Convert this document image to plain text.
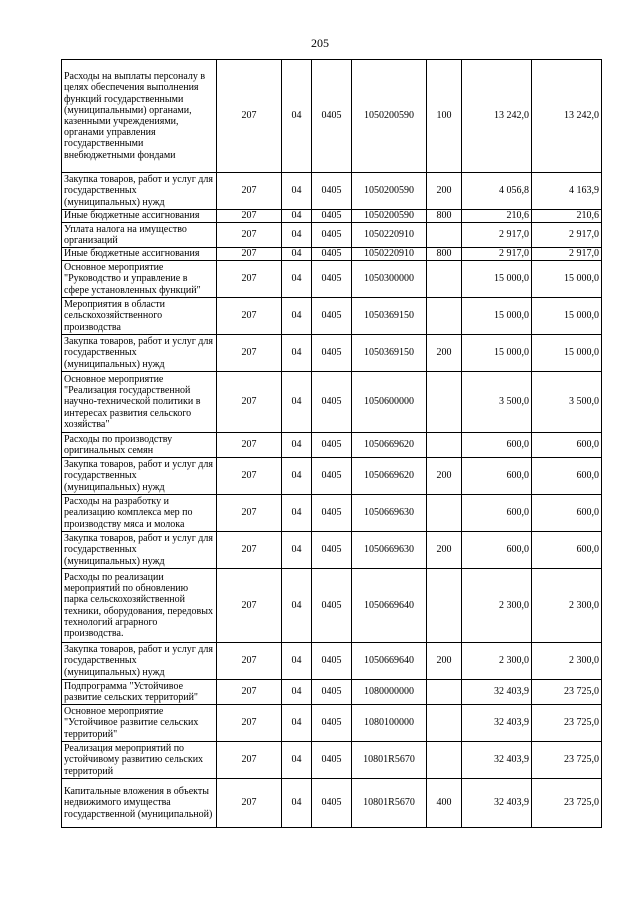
205
Расходы на выплаты персоналу в целях обеспечения выполнения функций государственными (муниципальными) органами, казенными учреждениями, органами управления государственными внебюджетными фондами	207	04	0405	1050200590	100	13 242,0	13 242,0
Закупка товаров, работ и услуг для государственных (муниципальных) нужд	207	04	0405	1050200590	200	4 056,8	4 163,9
Иные бюджетные ассигнования	207	04	0405	1050200590	800	210,6	210,6
Уплата налога на имущество организаций	207	04	0405	1050220910		2 917,0	2 917,0
Иные бюджетные ассигнования	207	04	0405	1050220910	800	2 917,0	2 917,0
Основное мероприятие "Руководство и управление в сфере установленных функций"	207	04	0405	1050300000		15 000,0	15 000,0
Мероприятия в области сельскохозяйственного производства	207	04	0405	1050369150		15 000,0	15 000,0
Закупка товаров, работ и услуг для государственных (муниципальных) нужд	207	04	0405	1050369150	200	15 000,0	15 000,0
Основное мероприятие "Реализация государственной научно-технической политики в интересах развития сельского хозяйства"	207	04	0405	1050600000		3 500,0	3 500,0
Расходы по производству оригинальных семян	207	04	0405	1050669620		600,0	600,0
Закупка товаров, работ и услуг для государственных (муниципальных) нужд	207	04	0405	1050669620	200	600,0	600,0
Расходы на разработку и реализацию комплекса мер по производству мяса и молока	207	04	0405	1050669630		600,0	600,0
Закупка товаров, работ и услуг для государственных (муниципальных) нужд	207	04	0405	1050669630	200	600,0	600,0
Расходы по реализации мероприятий по обновлению парка сельскохозяйственной техники, оборудования, передовых технологий аграрного производства.	207	04	0405	1050669640		2 300,0	2 300,0
Закупка товаров, работ и услуг для государственных (муниципальных) нужд	207	04	0405	1050669640	200	2 300,0	2 300,0
Подпрограмма "Устойчивое развитие сельских территорий"	207	04	0405	1080000000		32 403,9	23 725,0
Основное мероприятие "Устойчивое развитие сельских территорий"	207	04	0405	1080100000		32 403,9	23 725,0
Реализация мероприятий по устойчивому развитию сельских территорий	207	04	0405	10801R5670		32 403,9	23 725,0
Капитальные вложения в объекты недвижимого имущества государственной (муниципальной)	207	04	0405	10801R5670	400	32 403,9	23 725,0
